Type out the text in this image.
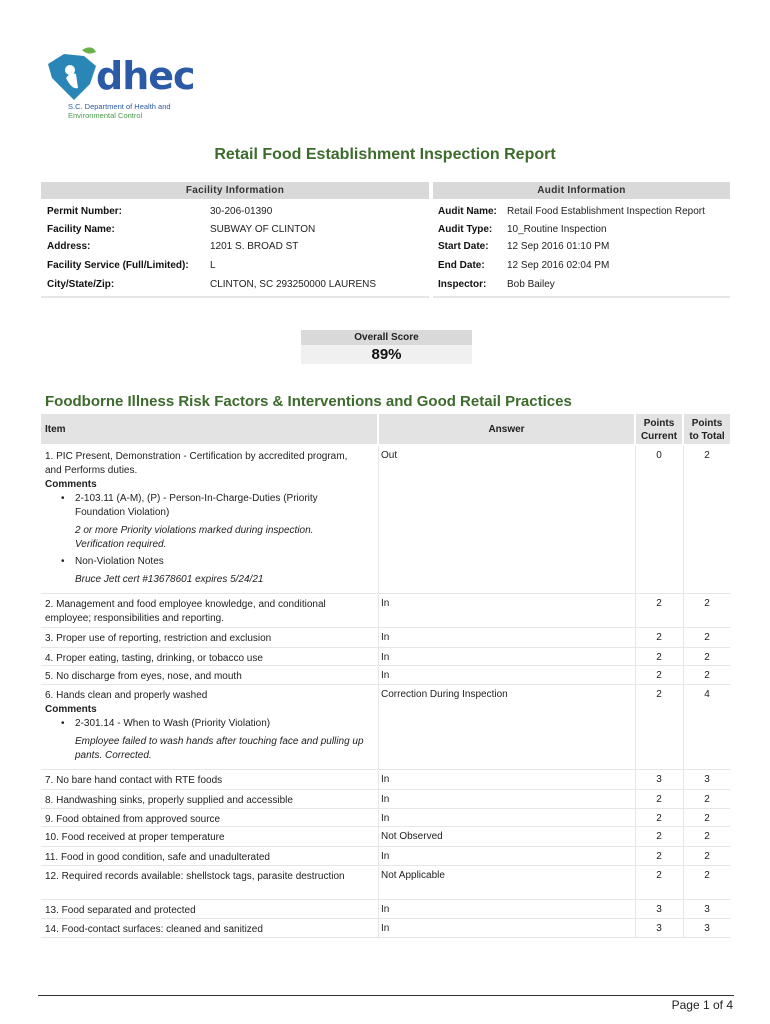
dhec
S.C. Department of Health and
Environmental Control
Retail Food Establishment Inspection Report
Facility Information	Audit Information
Permit Number:	30-206-01390
Facility Name:	SUBWAY OF CLINTON
Address:	1201 S. BROAD ST
Facility Service (Full/Limited): L
City/State/Zip:	CLINTON, SC 293250000 LAURENS
Audit Name: Retail Food Establishment Inspection Report
Audit Type: 10_Routine Inspection
Start Date: 12 Sep 2016 01:10 PM
End Date: 12 Sep 2016 02:04 PM
Inspector: Bob Bailey
Overall Score
89%
Foodborne Illness Risk Factors & Interventions and Good Retail Practices
Item	Answer
Points
Current
Points
to Total
1. PIC Present, Demonstration - Certification by accredited program, and Performs duties.
Comments
• 2-103.11 (A-M), (P) - Person-In-Charge-Duties (Priority Foundation Violation)
2 or more Priority violations marked during inspection. Verification required.
• Non-Violation Notes
Bruce Jett cert #13678601 expires 5/24/21
Out	0	2
2. Management and food employee knowledge, and conditional employee; responsibilities and reporting.
In	2	2
3. Proper use of reporting, restriction and exclusion	In	2	2
4. Proper eating, tasting, drinking, or tobacco use	In	2	2
5. No discharge from eyes, nose, and mouth	In	2	2
6. Hands clean and properly washed
Comments
• 2-301.14 - When to Wash (Priority Violation)
Employee failed to wash hands after touching face and pulling up pants. Corrected.
Correction During Inspection	2	4
7. No bare hand contact with RTE foods	In	3	3
8. Handwashing sinks, properly supplied and accessible	In	2	2
9. Food obtained from approved source	In	2	2
10. Food received at proper temperature	Not Observed	2	2
11. Food in good condition, safe and unadulterated	In	2	2
12. Required records available: shellstock tags, parasite destruction	Not Applicable	2	2
13. Food separated and protected	In	3	3
14. Food-contact surfaces: cleaned and sanitized	In	3	3
Page 1 of 4
